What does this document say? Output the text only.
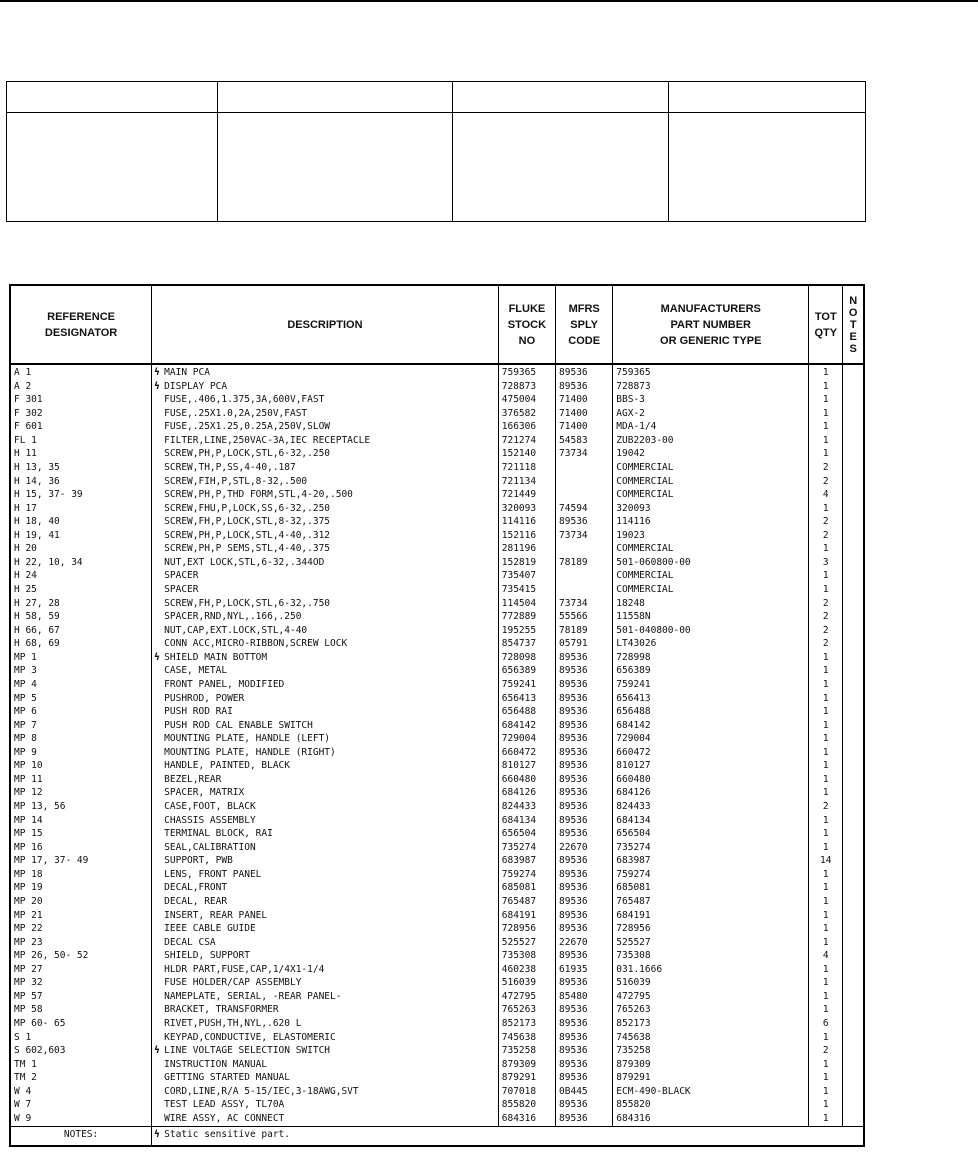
REFERENCE
DESIGNATOR	DESCRIPTION	FLUKE
STOCK
NO	MFRS
SPLY
CODE	MANUFACTURERS
PART NUMBER
OR GENERIC TYPE	TOT
QTY	N
O
T
E
S
A 1	ϟ MAIN PCA	759365	89536	759365	1	
A 2	ϟ DISPLAY PCA	728873	89536	728873	1	
F 301	FUSE,.406,1.375,3A,600V,FAST	475004	71400	BBS-3	1	
F 302	FUSE,.25X1.0,2A,250V,FAST	376582	71400	AGX-2	1	
F 601	FUSE,.25X1.25,0.25A,250V,SLOW	166306	71400	MDA-1/4	1	
FL 1	FILTER,LINE,250VAC-3A,IEC RECEPTACLE	721274	54583	ZUB2203-00	1	
H 11	SCREW,PH,P,LOCK,STL,6-32,.250	152140	73734	19042	1	
H 13, 35	SCREW,TH,P,SS,4-40,.187	721118		COMMERCIAL	2	
H 14, 36	SCREW,FIH,P,STL,8-32,.500	721134		COMMERCIAL	2	
H 15, 37- 39	SCREW,PH,P,THD FORM,STL,4-20,.500	721449		COMMERCIAL	4	
H 17	SCREW,FHU,P,LOCK,SS,6-32,.250	320093	74594	320093	1	
H 18, 40	SCREW,FH,P,LOCK,STL,8-32,.375	114116	89536	114116	2	
H 19, 41	SCREW,PH,P,LOCK,STL,4-40,.312	152116	73734	19023	2	
H 20	SCREW,PH,P SEMS,STL,4-40,.375	281196		COMMERCIAL	1	
H 22, 10, 34	NUT,EXT LOCK,STL,6-32,.344OD	152819	78189	501-060800-00	3	
H 24	SPACER	735407		COMMERCIAL	1	
H 25	SPACER	735415		COMMERCIAL	1	
H 27, 28	SCREW,FH,P,LOCK,STL,6-32,.750	114504	73734	18248	2	
H 58, 59	SPACER,RND,NYL,.166,.250	772889	55566	11558N	2	
H 66, 67	NUT,CAP,EXT.LOCK,STL,4-40	195255	78189	501-040800-00	2	
H 68, 69	CONN ACC,MICRO-RIBBON,SCREW LOCK	854737	05791	LT43026	2	
MP 1	ϟ SHIELD MAIN BOTTOM	728098	89536	728998	1	
MP 3	CASE, METAL	656389	89536	656389	1	
MP 4	FRONT PANEL, MODIFIED	759241	89536	759241	1	
MP 5	PUSHROD, POWER	656413	89536	656413	1	
MP 6	PUSH ROD RAI	656488	89536	656488	1	
MP 7	PUSH ROD CAL ENABLE SWITCH	684142	89536	684142	1	
MP 8	MOUNTING PLATE, HANDLE (LEFT)	729004	89536	729004	1	
MP 9	MOUNTING PLATE, HANDLE (RIGHT)	660472	89536	660472	1	
MP 10	HANDLE, PAINTED, BLACK	810127	89536	810127	1	
MP 11	BEZEL,REAR	660480	89536	660480	1	
MP 12	SPACER, MATRIX	684126	89536	684126	1	
MP 13, 56	CASE,FOOT, BLACK	824433	89536	824433	2	
MP 14	CHASSIS ASSEMBLY	684134	89536	684134	1	
MP 15	TERMINAL BLOCK, RAI	656504	89536	656504	1	
MP 16	SEAL,CALIBRATION	735274	22670	735274	1	
MP 17, 37- 49	SUPPORT, PWB	683987	89536	683987	14	
MP 18	LENS, FRONT PANEL	759274	89536	759274	1	
MP 19	DECAL,FRONT	685081	89536	685081	1	
MP 20	DECAL, REAR	765487	89536	765487	1	
MP 21	INSERT, REAR PANEL	684191	89536	684191	1	
MP 22	IEEE CABLE GUIDE	728956	89536	728956	1	
MP 23	DECAL CSA	525527	22670	525527	1	
MP 26, 50- 52	SHIELD, SUPPORT	735308	89536	735308	4	
MP 27	HLDR PART,FUSE,CAP,1/4X1-1/4	460238	61935	031.1666	1	
MP 32	FUSE HOLDER/CAP ASSEMBLY	516039	89536	516039	1	
MP 57	NAMEPLATE, SERIAL, -REAR PANEL-	472795	85480	472795	1	
MP 58	BRACKET, TRANSFORMER	765263	89536	765263	1	
MP 60- 65	RIVET,PUSH,TH,NYL,.620 L	852173	89536	852173	6	
S 1	KEYPAD,CONDUCTIVE, ELASTOMERIC	745638	89536	745638	1	
S 602,603	ϟ LINE VOLTAGE SELECTION SWITCH	735258	89536	735258	2	
TM 1	INSTRUCTION MANUAL	879309	89536	879309	1	
TM 2	GETTING STARTED MANUAL	879291	89536	879291	1	
W 4	CORD,LINE,R/A 5-15/IEC,3-18AWG,SVT	707018	0B445	ECM-490-BLACK	1	
W 7	TEST LEAD ASSY, TL70A	855820	89536	855820	1	
W 9	WIRE ASSY, AC CONNECT	684316	89536	684316	1	
NOTES:	ϟ Static sensitive part.					
